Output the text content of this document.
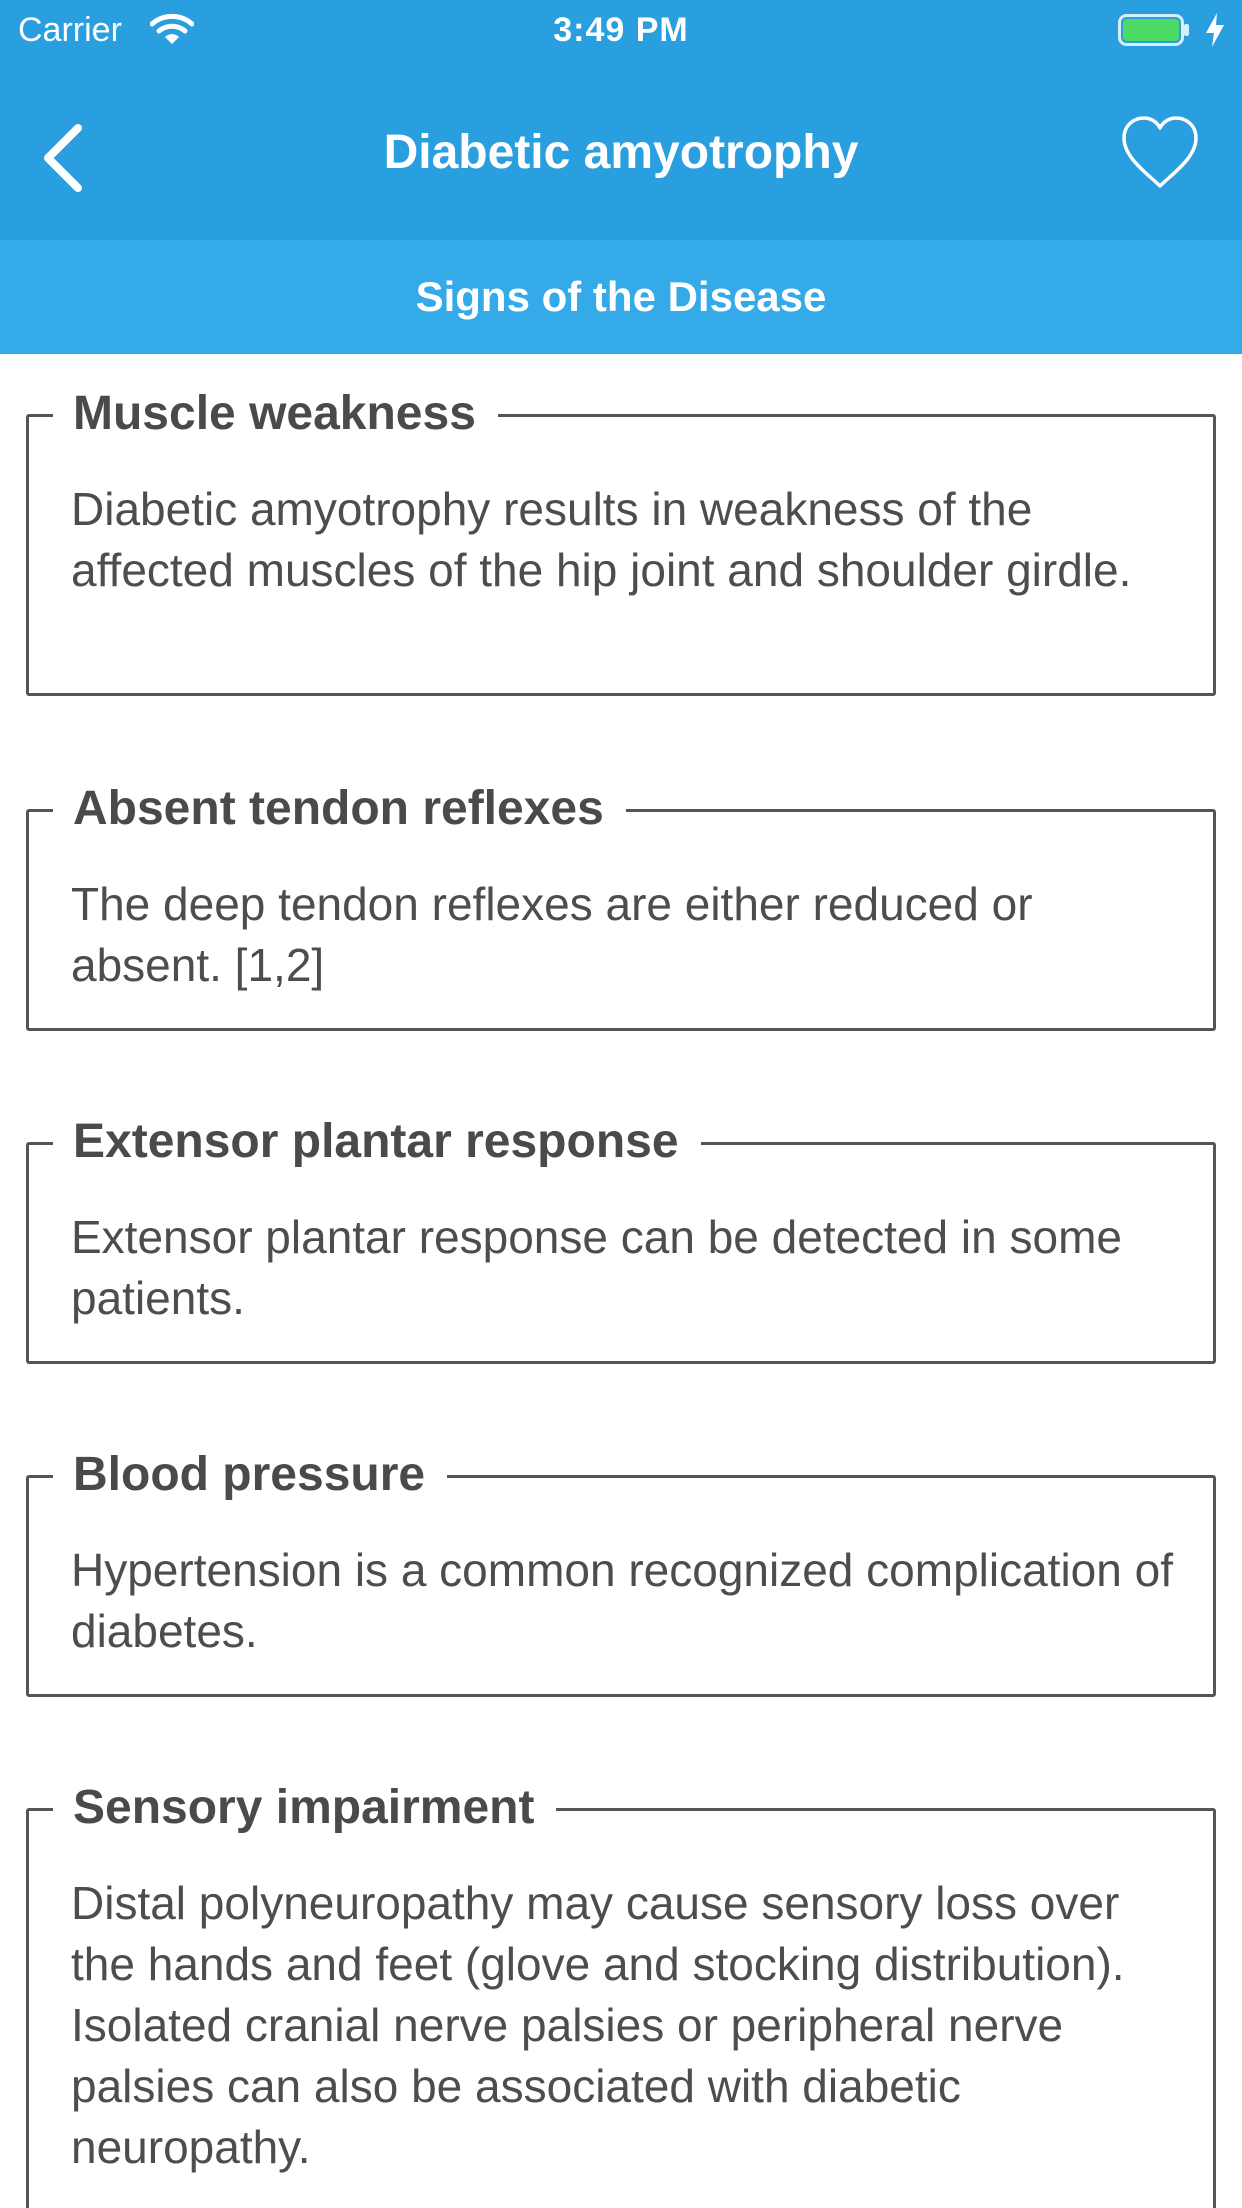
Carrier	3:49 PM
Diabetic amyotrophy
Signs of the Disease
Muscle weakness

Diabetic amyotrophy results in weakness of the affected muscles of the hip joint and shoulder girdle.

Absent tendon reflexes

The deep tendon reflexes are either reduced or absent. [1,2]

Extensor plantar response

Extensor plantar response can be detected in some patients.

Blood pressure

Hypertension is a common recognized complication of diabetes.

Sensory impairment

Distal polyneuropathy may cause sensory loss over the hands and feet (glove and stocking distribution). Isolated cranial nerve palsies or peripheral nerve palsies can also be associated with diabetic neuropathy.
